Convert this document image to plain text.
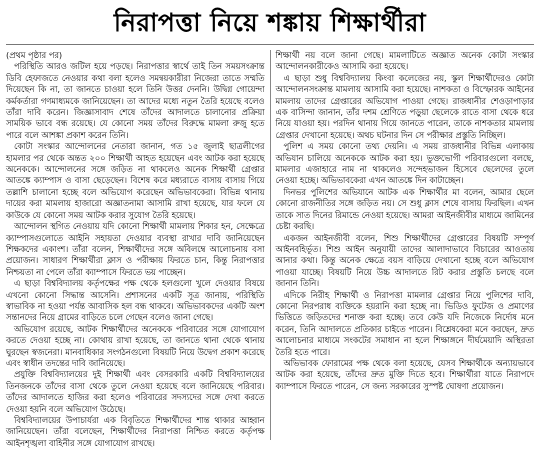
নিরাপত্তা নিয়ে শঙ্কায় শিক্ষার্থীরা

(প্রথম পৃষ্ঠার পর)

পরিস্থিতি আরও জটিল হয়ে পড়ছে। নিরাপত্তার স্বার্থে তাই তিন সময়সংক্রান্ত ডিবি হেফাজতে নেওয়ার কথা বলা হলেও সমন্বয়কারীরা নিজেরা তাতে সম্মতি দিয়েছেন কি না, তা জানতে চাওয়া হলে তিনি উত্তর দেননি। উদ্বিগ্ন গোয়েন্দা কর্মকর্তারা গণমাধ্যমকে জানিয়েছেন। তা আদের মধ্যে নতুন তৈরি হয়েছে বলেও তাঁরা দাবি করেন। জিজ্ঞাসাবাদ শেষে তাঁদের আদালতে চালানোর প্রক্রিয়া সাময়িক ভাবে বন্ধ রয়েছে। যে কোনো সময় তাঁদের বিরুদ্ধে মামলা রুজু হতে পারে বলে আশঙ্কা প্রকাশ করেন তিনি।

কোটা সংস্কার আন্দোলনের নেতারা জানান, গত ১৫ জুলাই ছাত্রলীগের হামলার পর থেকে অন্তত ২০০ শিক্ষার্থী আহত হয়েছেন এবং আটক করা হয়েছে অনেককে। আন্দোলনের সঙ্গে জড়িত না থাকলেও অনেক শিক্ষার্থী গ্রেপ্তার আতঙ্কে ক্যাম্পাস ও বাসা ছেড়েছেন। বিশেষ করে মধ্যরাতে বাসায় বাসায় গিয়ে তল্লাশি চালানো হচ্ছে বলে অভিযোগ করেছেন অভিভাবকেরা। বিভিন্ন থানায় দায়ের করা মামলায় হাজারো অজ্ঞাতনামা আসামি রাখা হয়েছে, যার ফলে যে কাউকে যে কোনো সময় আটক করার সুযোগ তৈরি হয়েছে।

আন্দোলন স্থগিত নেওয়ায় যদি কোনো শিক্ষার্থী মামলায় শিকার হন, সেক্ষেত্রে ক্যাম্পাসগুলোতে আইনি সহায়তা দেওয়ার ব্যবস্থা রাখার দাবি জানিয়েছেন শিক্ষকদের একাংশ। তাঁরা বলেন, শিক্ষার্থীদের সঙ্গে অবিলম্বে আলোচনায় বসা প্রয়োজন। সাধারণ শিক্ষার্থীরা ক্লাস ও পরীক্ষায় ফিরতে চান, কিন্তু নিরাপত্তার নিশ্চয়তা না পেলে তাঁরা ক্যাম্পাসে ফিরতে ভয় পাচ্ছেন।

এ ছাড়া বিশ্ববিদ্যালয় কর্তৃপক্ষের পক্ষ থেকে হলগুলো খুলে দেওয়ার বিষয়ে এখনো কোনো সিদ্ধান্ত আসেনি। প্রশাসনের একটি সূত্র জানায়, পরিস্থিতি স্বাভাবিক না হওয়া পর্যন্ত আবাসিক হল বন্ধ থাকবে। অভিভাবকদের একটি অংশ সন্তানদের নিয়ে গ্রামের বাড়িতে চলে গেছেন বলেও জানা গেছে।

অভিযোগ রয়েছে, আটক শিক্ষার্থীদের অনেককে পরিবারের সঙ্গে যোগাযোগ করতে দেওয়া হচ্ছে না। কোথায় রাখা হয়েছে, তা জানতে থানা থেকে থানায় ঘুরছেন স্বজনেরা। মানবাধিকার সংগঠনগুলো বিষয়টি নিয়ে উদ্বেগ প্রকাশ করেছে এবং স্বাধীন তদন্তের দাবি জানিয়েছে।

প্রযুক্তি বিশ্ববিদ্যালয়ের দুই শিক্ষার্থী এবং বেসরকারি একটি বিশ্ববিদ্যালয়ের তিনজনকে তাঁদের বাসা থেকে তুলে নেওয়া হয়েছে বলে জানিয়েছে পরিবার। তাঁদের আদালতে হাজির করা হলেও পরিবারের সদস্যদের সঙ্গে দেখা করতে দেওয়া হয়নি বলে অভিযোগ উঠেছে।

বিশ্ববিদ্যালয়ের উপাচার্যরা এক বিবৃতিতে শিক্ষার্থীদের শান্ত থাকার আহ্বান জানিয়েছেন। তাঁরা বলেছেন, শিক্ষার্থীদের নিরাপত্তা নিশ্চিত করতে কর্তৃপক্ষ আইনশৃঙ্খলা বাহিনীর সঙ্গে যোগাযোগ রাখছে।

শিক্ষার্থী নয় বলে জানা গেছে। মামলাটিতে অজ্ঞাত অনেক কোটা সংস্কার আন্দোলনকারীকেও আসামি করা হয়েছে।

এ ছাড়া শুধু বিশ্ববিদ্যালয় কিংবা কলেজের নয়, স্কুল শিক্ষার্থীদেরও কোটা আন্দোলনসংক্রান্ত মামলায় আসামি করা হয়েছে। নাশকতা ও বিস্ফোরক আইনের মামলায় তাদের গ্রেপ্তারের অভিযোগ পাওয়া গেছে। রাজধানীর শেওড়াপাড়ার এক বাসিন্দা জানান, তাঁর দশম শ্রেণিতে পড়ুয়া ছেলেকে রাতে বাসা থেকে ধরে নিয়ে যাওয়া হয়। পরদিন থানায় গিয়ে জানতে পারেন, তাকে নাশকতার মামলায় গ্রেপ্তার দেখানো হয়েছে। অথচ ঘটনার দিন সে পরীক্ষার প্রস্তুতি নিচ্ছিল।

পুলিশ এ সময় কোনো তথ্য দেয়নি। এ সময় রাজধানীর বিভিন্ন এলাকায় অভিযান চালিয়ে অনেককে আটক করা হয়। ভুক্তভোগী পরিবারগুলো বলছে, মামলার এজাহারে নাম না থাকলেও সন্দেহভাজন হিসেবে ছেলেদের তুলে নেওয়া হচ্ছে। অভিভাবকেরা এখন আতঙ্কে দিন কাটাচ্ছেন।

দিনভর পুলিশের অভিযানে আটক এক শিক্ষার্থীর মা বলেন, আমার ছেলে কোনো রাজনীতির সঙ্গে জড়িত নয়। সে শুধু ক্লাস শেষে বাসায় ফিরছিল। এখন তাকে সাত দিনের রিমান্ডে নেওয়া হয়েছে। আমরা আইনজীবীর মাধ্যমে জামিনের চেষ্টা করছি।

একজন আইনজীবী বলেন, শিশু শিক্ষার্থীদের গ্রেপ্তারের বিষয়টি সম্পূর্ণ আইনবহির্ভূত। শিশু আইন অনুযায়ী তাদের আলাদাভাবে বিচারের আওতায় আনার কথা। কিন্তু অনেক ক্ষেত্রে বয়স বাড়িয়ে দেখানো হচ্ছে বলে অভিযোগ পাওয়া যাচ্ছে। বিষয়টি নিয়ে উচ্চ আদালতে রিট করার প্রস্তুতি চলছে বলে জানান তিনি।

এদিকে নিরীহ শিক্ষার্থী ও নিরাপত্তা মামলার গ্রেপ্তার নিয়ে পুলিশের দাবি, কোনো নিরপরাধ ব্যক্তিকে হয়রানি করা হচ্ছে না। ভিডিও ফুটেজ ও প্রমাণের ভিত্তিতে জড়িতদের শনাক্ত করা হচ্ছে। তবে কেউ যদি নিজেকে নির্দোষ মনে করেন, তিনি আদালতে প্রতিকার চাইতে পারেন। বিশ্লেষকেরা মনে করছেন, দ্রুত আলোচনার মাধ্যমে সংকটের সমাধান না হলে শিক্ষাঙ্গনে দীর্ঘমেয়াদি অস্থিরতা তৈরি হতে পারে।

অভিভাবক ফোরামের পক্ষ থেকে বলা হয়েছে, যেসব শিক্ষার্থীকে অন্যায়ভাবে আটক করা হয়েছে, তাঁদের দ্রুত মুক্তি দিতে হবে। শিক্ষার্থীরা যাতে নিরাপদে ক্যাম্পাসে ফিরতে পারেন, সে জন্য সরকারের সুস্পষ্ট ঘোষণা প্রয়োজন।
